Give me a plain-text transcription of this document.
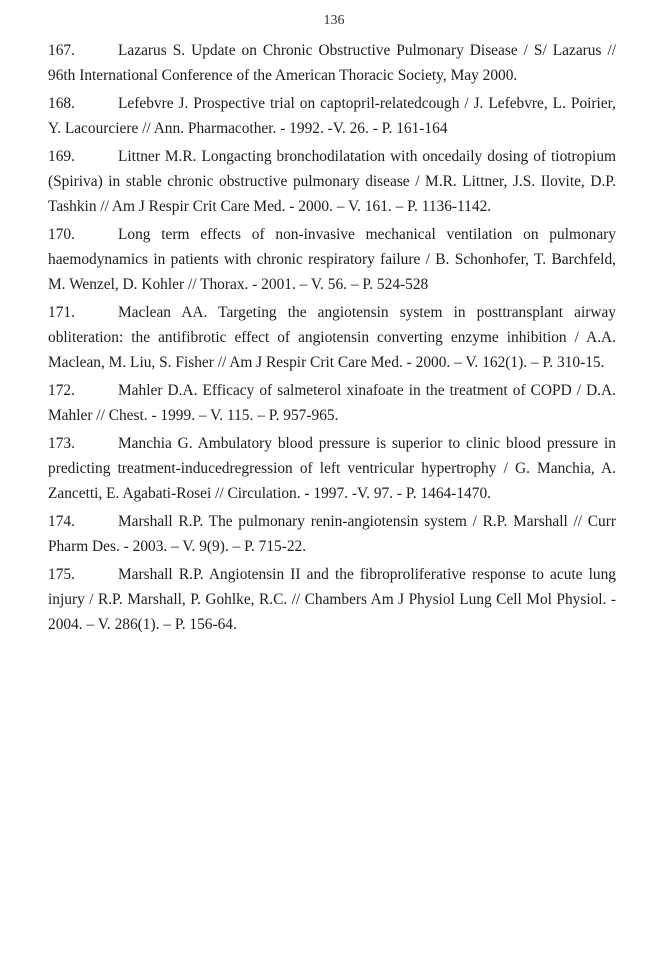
136
167.	Lazarus S. Update on Chronic Obstructive Pulmonary Disease / S/ Lazarus // 96th International Conference of the American Thoracic Society, May 2000.
168.	Lefebvre J. Prospective trial on captopril-relatedcough / J. Lefebvre, L. Poirier, Y. Lacourciere // Ann. Pharmacother. - 1992. -V. 26. - P. 161-164
169.	Littner M.R. Longacting bronchodilatation with oncedaily dosing of tiotropium (Spiriva) in stable chronic obstructive pulmonary disease / M.R. Littner, J.S. Ilovite, D.P. Tashkin // Am J Respir Crit Care Med. - 2000. – V. 161. – P. 1136-1142.
170.	Long term effects of non-invasive mechanical ventilation on pulmonary haemodynamics in patients with chronic respiratory failure / B. Schonhofer, T. Barchfeld, M. Wenzel, D. Kohler // Thorax. - 2001. – V. 56. – P. 524-528
171.	Maclean AA. Targeting the angiotensin system in posttransplant airway obliteration: the antifibrotic effect of angiotensin converting enzyme inhibition / A.A. Maclean, M. Liu, S. Fisher // Am J Respir Crit Care Med. - 2000. – V. 162(1). – P. 310-15.
172.	Mahler D.A. Efficacy of salmeterol xinafoate in the treatment of COPD / D.A. Mahler // Chest. - 1999. – V. 115. – P. 957-965.
173.	Manchia G. Ambulatory blood pressure is superior to clinic blood pressure in predicting treatment-inducedregression of left ventricular hypertrophy / G. Manchia, A. Zancetti, E. Agabati-Rosei // Circulation. - 1997. -V. 97. - P. 1464-1470.
174.	Marshall R.P. The pulmonary renin-angiotensin system / R.P. Marshall // Curr Pharm Des. - 2003. – V. 9(9). – P. 715-22.
175.	Marshall R.P. Angiotensin II and the fibroproliferative response to acute lung injury / R.P. Marshall, P. Gohlke, R.C. // Chambers Am J Physiol Lung Cell Mol Physiol. - 2004. – V. 286(1). – P. 156-64.
